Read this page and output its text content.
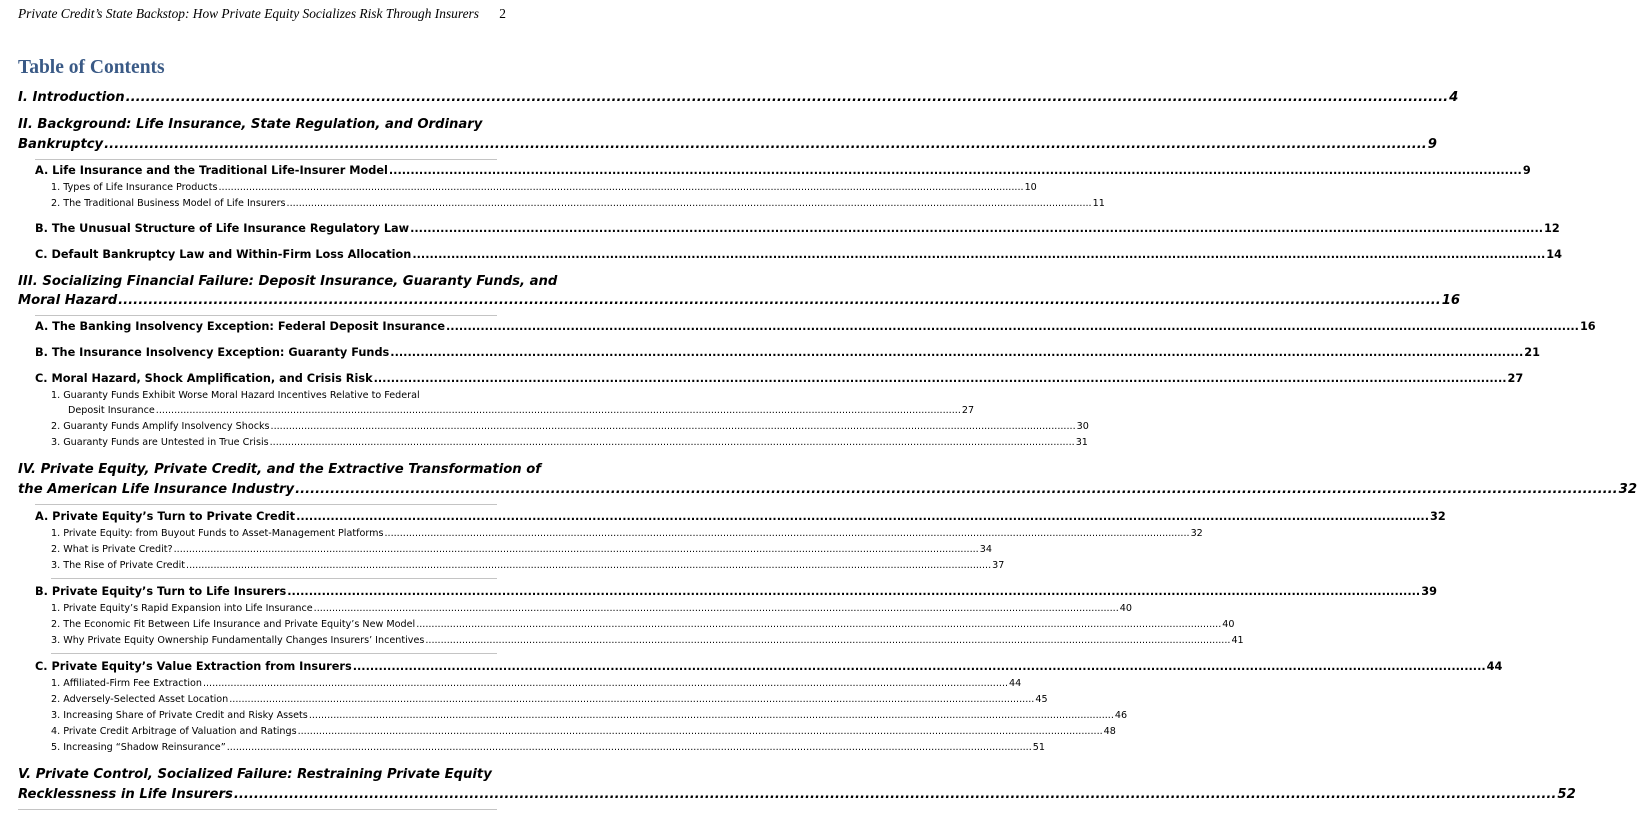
Private Credit’s State Backstop: How Private Equity Socializes Risk Through Insurers	2
Table of Contents
I. Introduction .....	4
II. Background: Life Insurance, State Regulation, and Ordinary
Bankruptcy .....	9
A. Life Insurance and the Traditional Life-Insurer Model .....	9
1. Types of Life Insurance Products .....	10
2. The Traditional Business Model of Life Insurers .....	11
B. The Unusual Structure of Life Insurance Regulatory Law .....	12
C. Default Bankruptcy Law and Within-Firm Loss Allocation .....	14
III. Socializing Financial Failure: Deposit Insurance, Guaranty Funds, and
Moral Hazard .....	16
A. The Banking Insolvency Exception: Federal Deposit Insurance .....	16
B. The Insurance Insolvency Exception: Guaranty Funds .....	21
C. Moral Hazard, Shock Amplification, and Crisis Risk .....	27
1. Guaranty Funds Exhibit Worse Moral Hazard Incentives Relative to Federal
Deposit Insurance .....	27
2. Guaranty Funds Amplify Insolvency Shocks .....	30
3. Guaranty Funds are Untested in True Crisis .....	31
IV. Private Equity, Private Credit, and the Extractive Transformation of
the American Life Insurance Industry .....	32
A. Private Equity’s Turn to Private Credit .....	32
1. Private Equity: from Buyout Funds to Asset-Management Platforms .....	32
2. What is Private Credit? .....	34
3. The Rise of Private Credit .....	37
B. Private Equity’s Turn to Life Insurers .....	39
1. Private Equity’s Rapid Expansion into Life Insurance .....	40
2. The Economic Fit Between Life Insurance and Private Equity’s New Model .....	40
3. Why Private Equity Ownership Fundamentally Changes Insurers’ Incentives .....	41
C. Private Equity’s Value Extraction from Insurers .....	44
1. Affiliated-Firm Fee Extraction .....	44
2. Adversely-Selected Asset Location .....	45
3. Increasing Share of Private Credit and Risky Assets .....	46
4. Private Credit Arbitrage of Valuation and Ratings .....	48
5. Increasing “Shadow Reinsurance” .....	51
V. Private Control, Socialized Failure: Restraining Private Equity
Recklessness in Life Insurers .....	52
